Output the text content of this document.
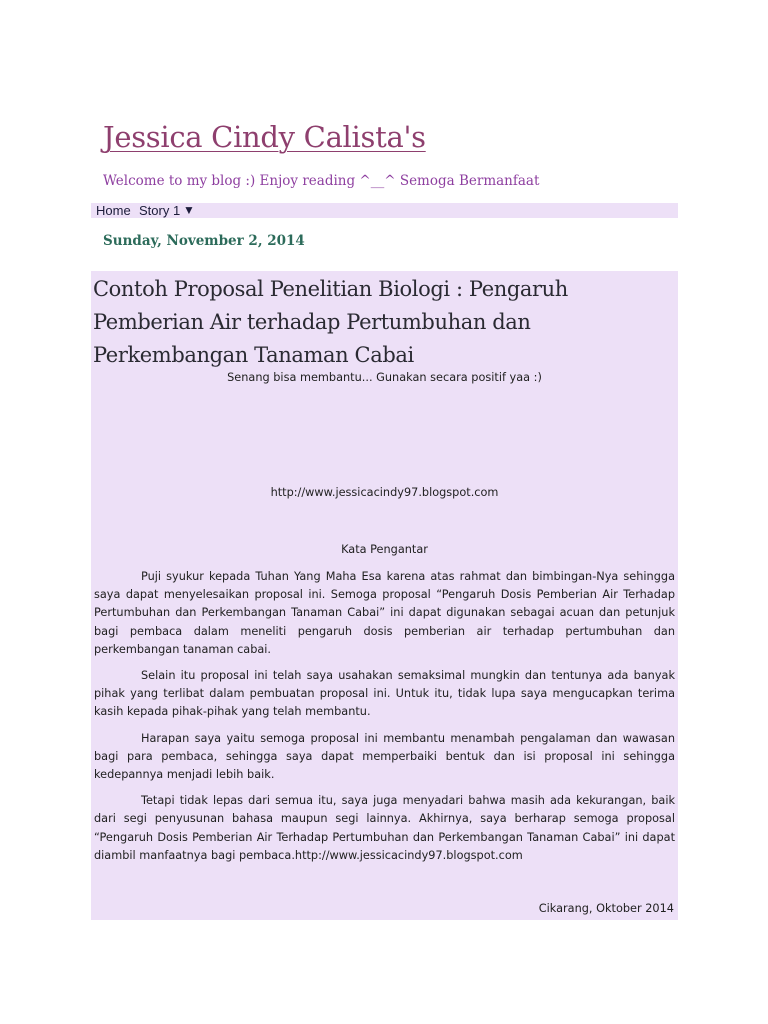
Jessica Cindy Calista's

Welcome to my blog :) Enjoy reading ^__^ Semoga Bermanfaat

Home Story 1 ▼
Sunday, November 2, 2014
Contoh Proposal Penelitian Biologi : Pengaruh Pemberian Air terhadap Pertumbuhan dan Perkembangan Tanaman Cabai
Senang bisa membantu... Gunakan secara positif yaa :)
http://www.jessicacindy97.blogspot.com
Kata Pengantar

Puji syukur kepada Tuhan Yang Maha Esa karena atas rahmat dan bimbingan-Nya sehingga saya dapat menyelesaikan proposal ini. Semoga proposal “Pengaruh Dosis Pemberian Air Terhadap Pertumbuhan dan Perkembangan Tanaman Cabai” ini dapat digunakan sebagai acuan dan petunjuk bagi pembaca dalam meneliti pengaruh dosis pemberian air terhadap pertumbuhan dan perkembangan tanaman cabai.

Selain itu proposal ini telah saya usahakan semaksimal mungkin dan tentunya ada banyak pihak yang terlibat dalam pembuatan proposal ini. Untuk itu, tidak lupa saya mengucapkan terima kasih kepada pihak-pihak yang telah membantu.

Harapan saya yaitu semoga proposal ini membantu menambah pengalaman dan wawasan bagi para pembaca, sehingga saya dapat memperbaiki bentuk dan isi proposal ini sehingga kedepannya menjadi lebih baik.

Tetapi tidak lepas dari semua itu, saya juga menyadari bahwa masih ada kekurangan, baik dari segi penyusunan bahasa maupun segi lainnya. Akhirnya, saya berharap semoga proposal “Pengaruh Dosis Pemberian Air Terhadap Pertumbuhan dan Perkembangan Tanaman Cabai” ini dapat diambil manfaatnya bagi pembaca.http://www.jessicacindy97.blogspot.com

Cikarang, Oktober 2014
